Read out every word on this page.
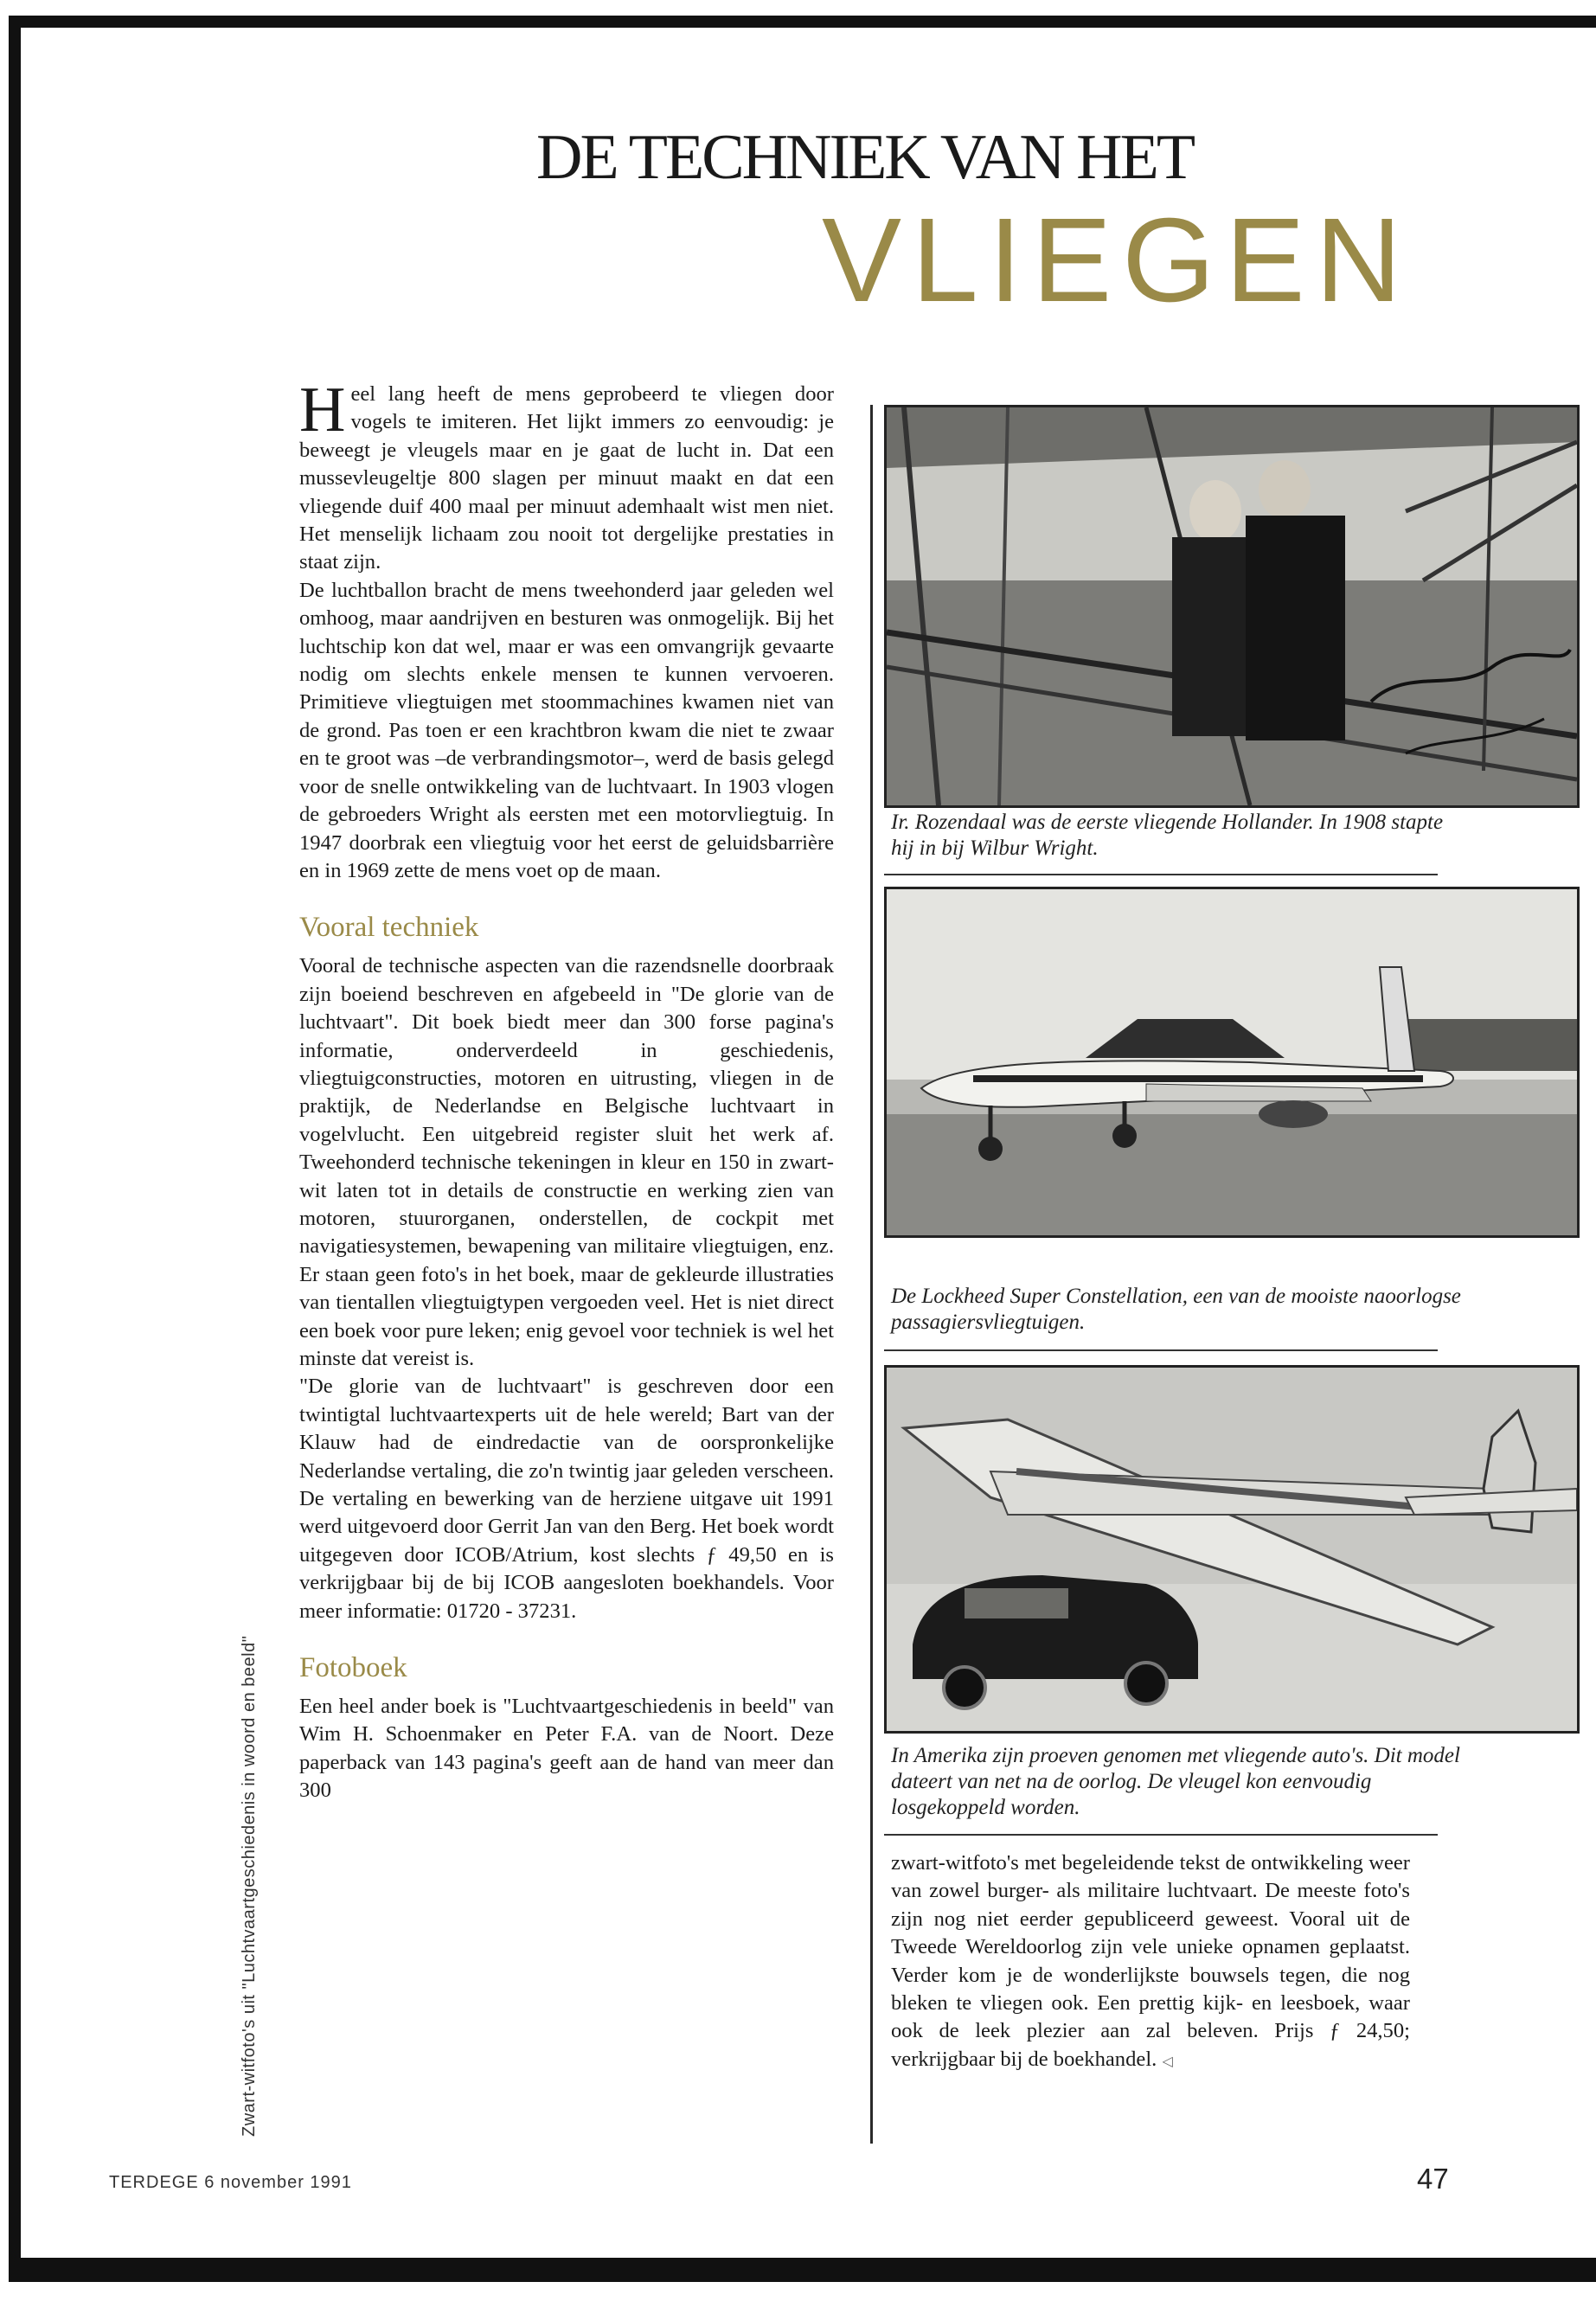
DE TECHNIEK VAN HET
VLIEGEN

Heel lang heeft de mens geprobeerd te vliegen door vogels te imiteren. Het lijkt immers zo eenvoudig: je beweegt je vleugels maar en je gaat de lucht in. Dat een mussevleugeltje 800 slagen per minuut maakt en dat een vliegende duif 400 maal per minuut ademhaalt wist men niet. Het menselijk lichaam zou nooit tot dergelijke prestaties in staat zijn.

De luchtballon bracht de mens tweehonderd jaar geleden wel omhoog, maar aandrijven en besturen was onmogelijk. Bij het luchtschip kon dat wel, maar er was een omvangrijk gevaarte nodig om slechts enkele mensen te kunnen vervoeren. Primitieve vliegtuigen met stoommachines kwamen niet van de grond. Pas toen er een krachtbron kwam die niet te zwaar en te groot was –de verbrandingsmotor–, werd de basis gelegd voor de snelle ontwikkeling van de luchtvaart. In 1903 vlogen de gebroeders Wright als eersten met een motorvliegtuig. In 1947 doorbrak een vliegtuig voor het eerst de geluidsbarrière en in 1969 zette de mens voet op de maan.

Vooral techniek

Vooral de technische aspecten van die razendsnelle doorbraak zijn boeiend beschreven en afgebeeld in "De glorie van de luchtvaart". Dit boek biedt meer dan 300 forse pagina's informatie, onderverdeeld in geschiedenis, vliegtuigconstructies, motoren en uitrusting, vliegen in de praktijk, de Nederlandse en Belgische luchtvaart in vogelvlucht. Een uitgebreid register sluit het werk af. Tweehonderd technische tekeningen in kleur en 150 in zwart-wit laten tot in details de constructie en werking zien van motoren, stuurorganen, onderstellen, de cockpit met navigatiesystemen, bewapening van militaire vliegtuigen, enz. Er staan geen foto's in het boek, maar de gekleurde illustraties van tientallen vliegtuigtypen vergoeden veel. Het is niet direct een boek voor pure leken; enig gevoel voor techniek is wel het minste dat vereist is.

"De glorie van de luchtvaart" is geschreven door een twintigtal luchtvaartexperts uit de hele wereld; Bart van der Klauw had de eindredactie van de oorspronkelijke Nederlandse vertaling, die zo'n twintig jaar geleden verscheen. De vertaling en bewerking van de herziene uitgave uit 1991 werd uitgevoerd door Gerrit Jan van den Berg. Het boek wordt uitgegeven door ICOB/Atrium, kost slechts ƒ 49,50 en is verkrijgbaar bij de bij ICOB aangesloten boekhandels. Voor meer informatie: 01720 - 37231.

Fotoboek

Een heel ander boek is "Luchtvaartgeschiedenis in beeld" van Wim H. Schoenmaker en Peter F.A. van de Noort. Deze paperback van 143 pagina's geeft aan de hand van meer dan 300

Ir. Rozendaal was de eerste vliegende Hollander. In 1908 stapte hij in bij Wilbur Wright.
De Lockheed Super Constellation, een van de mooiste naoorlogse passagiersvliegtuigen.
In Amerika zijn proeven genomen met vliegende auto's. Dit model dateert van net na de oorlog. De vleugel kon eenvoudig losgekoppeld worden.

zwart-witfoto's met begeleidende tekst de ontwikkeling weer van zowel burger- als militaire luchtvaart. De meeste foto's zijn nog niet eerder gepubliceerd geweest. Vooral uit de Tweede Wereldoorlog zijn vele unieke opnamen geplaatst. Verder kom je de wonderlijkste bouwsels tegen, die nog bleken te vliegen ook. Een prettig kijk- en leesboek, waar ook de leek plezier aan zal beleven. Prijs ƒ 24,50; verkrijgbaar bij de boekhandel. ◁

Zwart-witfoto's uit "Luchtvaartgeschiedenis in woord en beeld"
TERDEGE 6 november 1991	47
